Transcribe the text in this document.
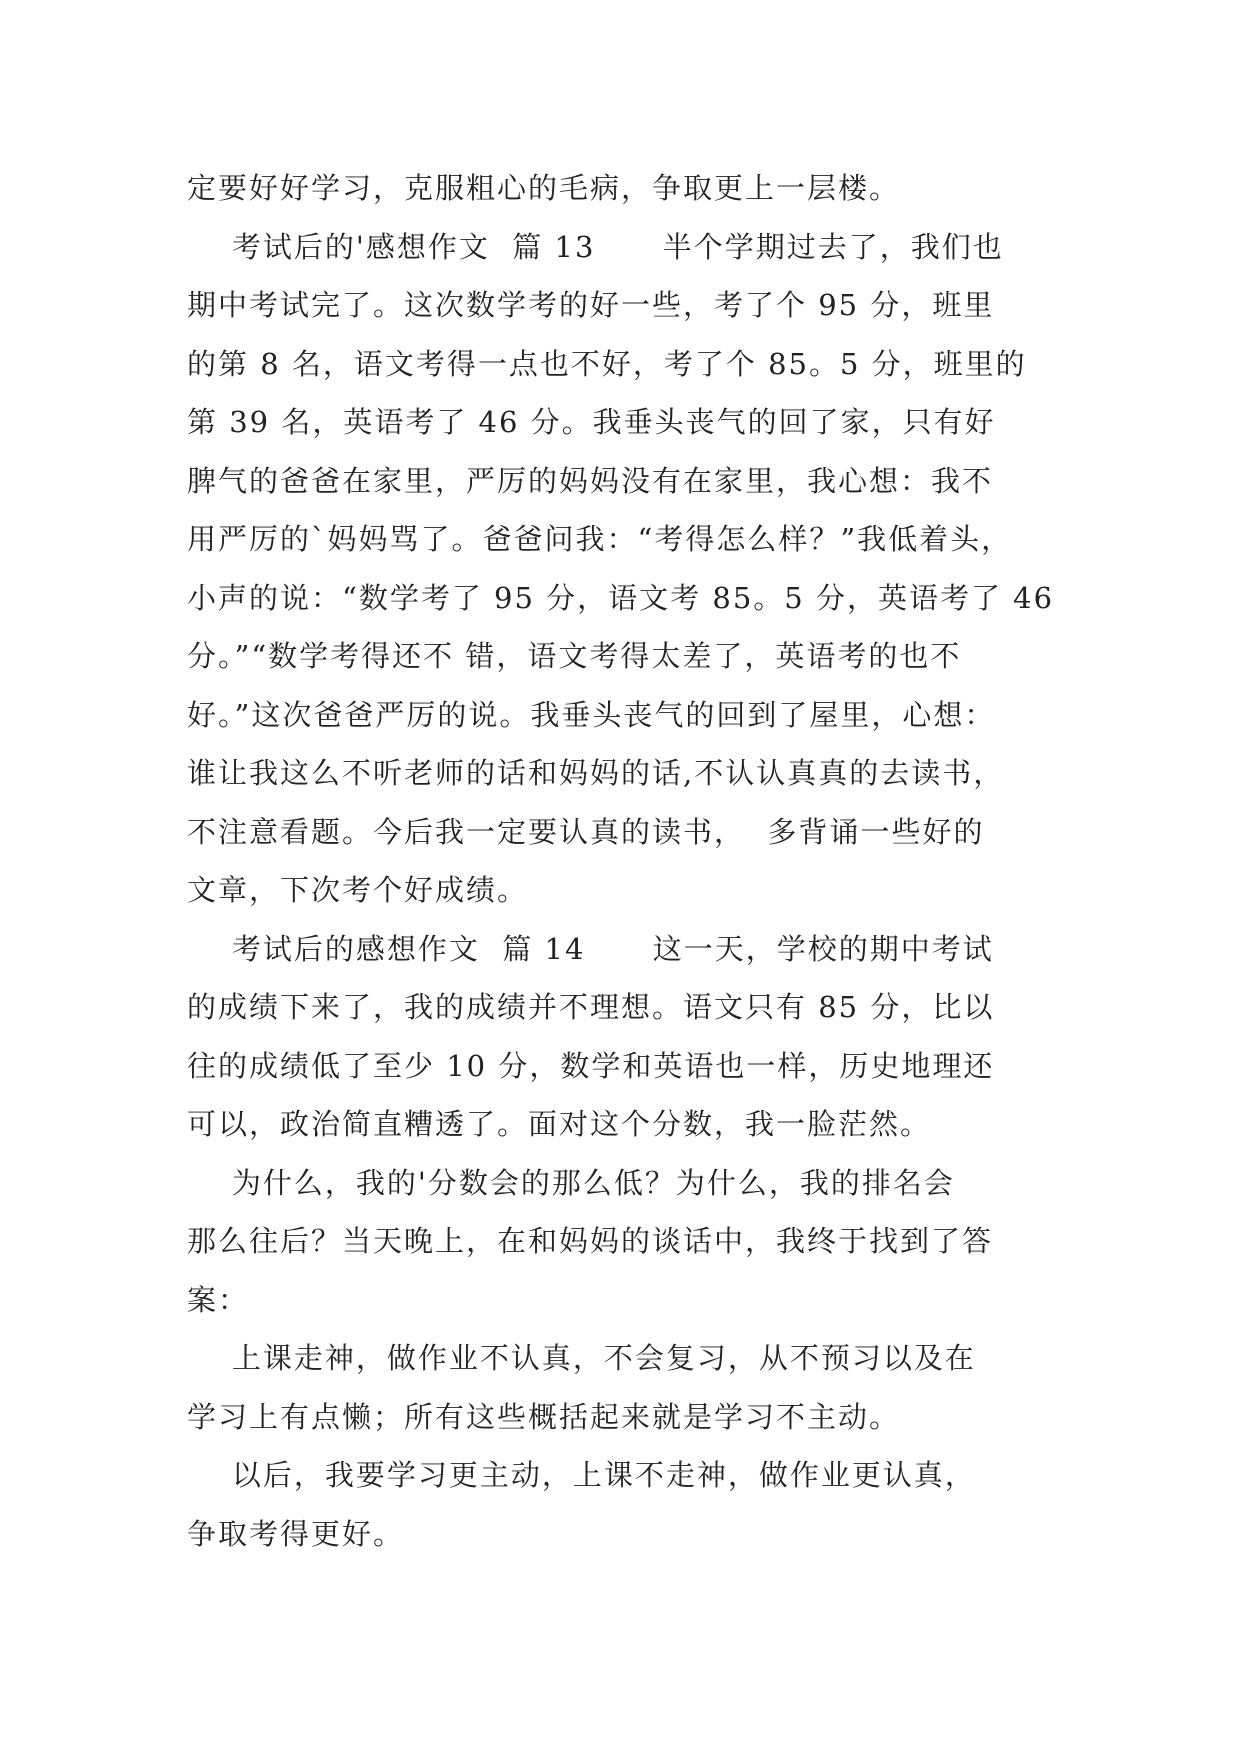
定要好好学习，克服粗心的毛病，争取更上一层楼。
考试后的'感想作文  篇 13      半个学期过去了，我们也
期中考试完了。这次数学考的好一些，考了个 95 分，班里
的第 8 名，语文考得一点也不好，考了个 85。5 分，班里的
第 39 名，英语考了 46 分。我垂头丧气的回了家，只有好
脾气的爸爸在家里，严厉的妈妈没有在家里，我心想：我不
用严厉的`妈妈骂了。爸爸问我：“考得怎么样？”我低着头，
小声的说：“数学考了 95 分，语文考 85。5 分，英语考了 46
分。”“数学考得还不 错，语文考得太差了，英语考的也不
好。”这次爸爸严厉的说。我垂头丧气的回到了屋里，心想：
谁让我这么不听老师的话和妈妈的话,不认认真真的去读书，
不注意看题。今后我一定要认真的读书，  多背诵一些好的
文章，下次考个好成绩。
考试后的感想作文  篇 14      这一天，学校的期中考试
的成绩下来了，我的成绩并不理想。语文只有 85 分，比以
往的成绩低了至少 10 分，数学和英语也一样，历史地理还
可以，政治简直糟透了。面对这个分数，我一脸茫然。
为什么，我的'分数会的那么低？为什么，我的排名会
那么往后？当天晚上，在和妈妈的谈话中，我终于找到了答
案：
上课走神，做作业不认真，不会复习，从不预习以及在
学习上有点懒；所有这些概括起来就是学习不主动。
以后，我要学习更主动，上课不走神，做作业更认真，
争取考得更好。
